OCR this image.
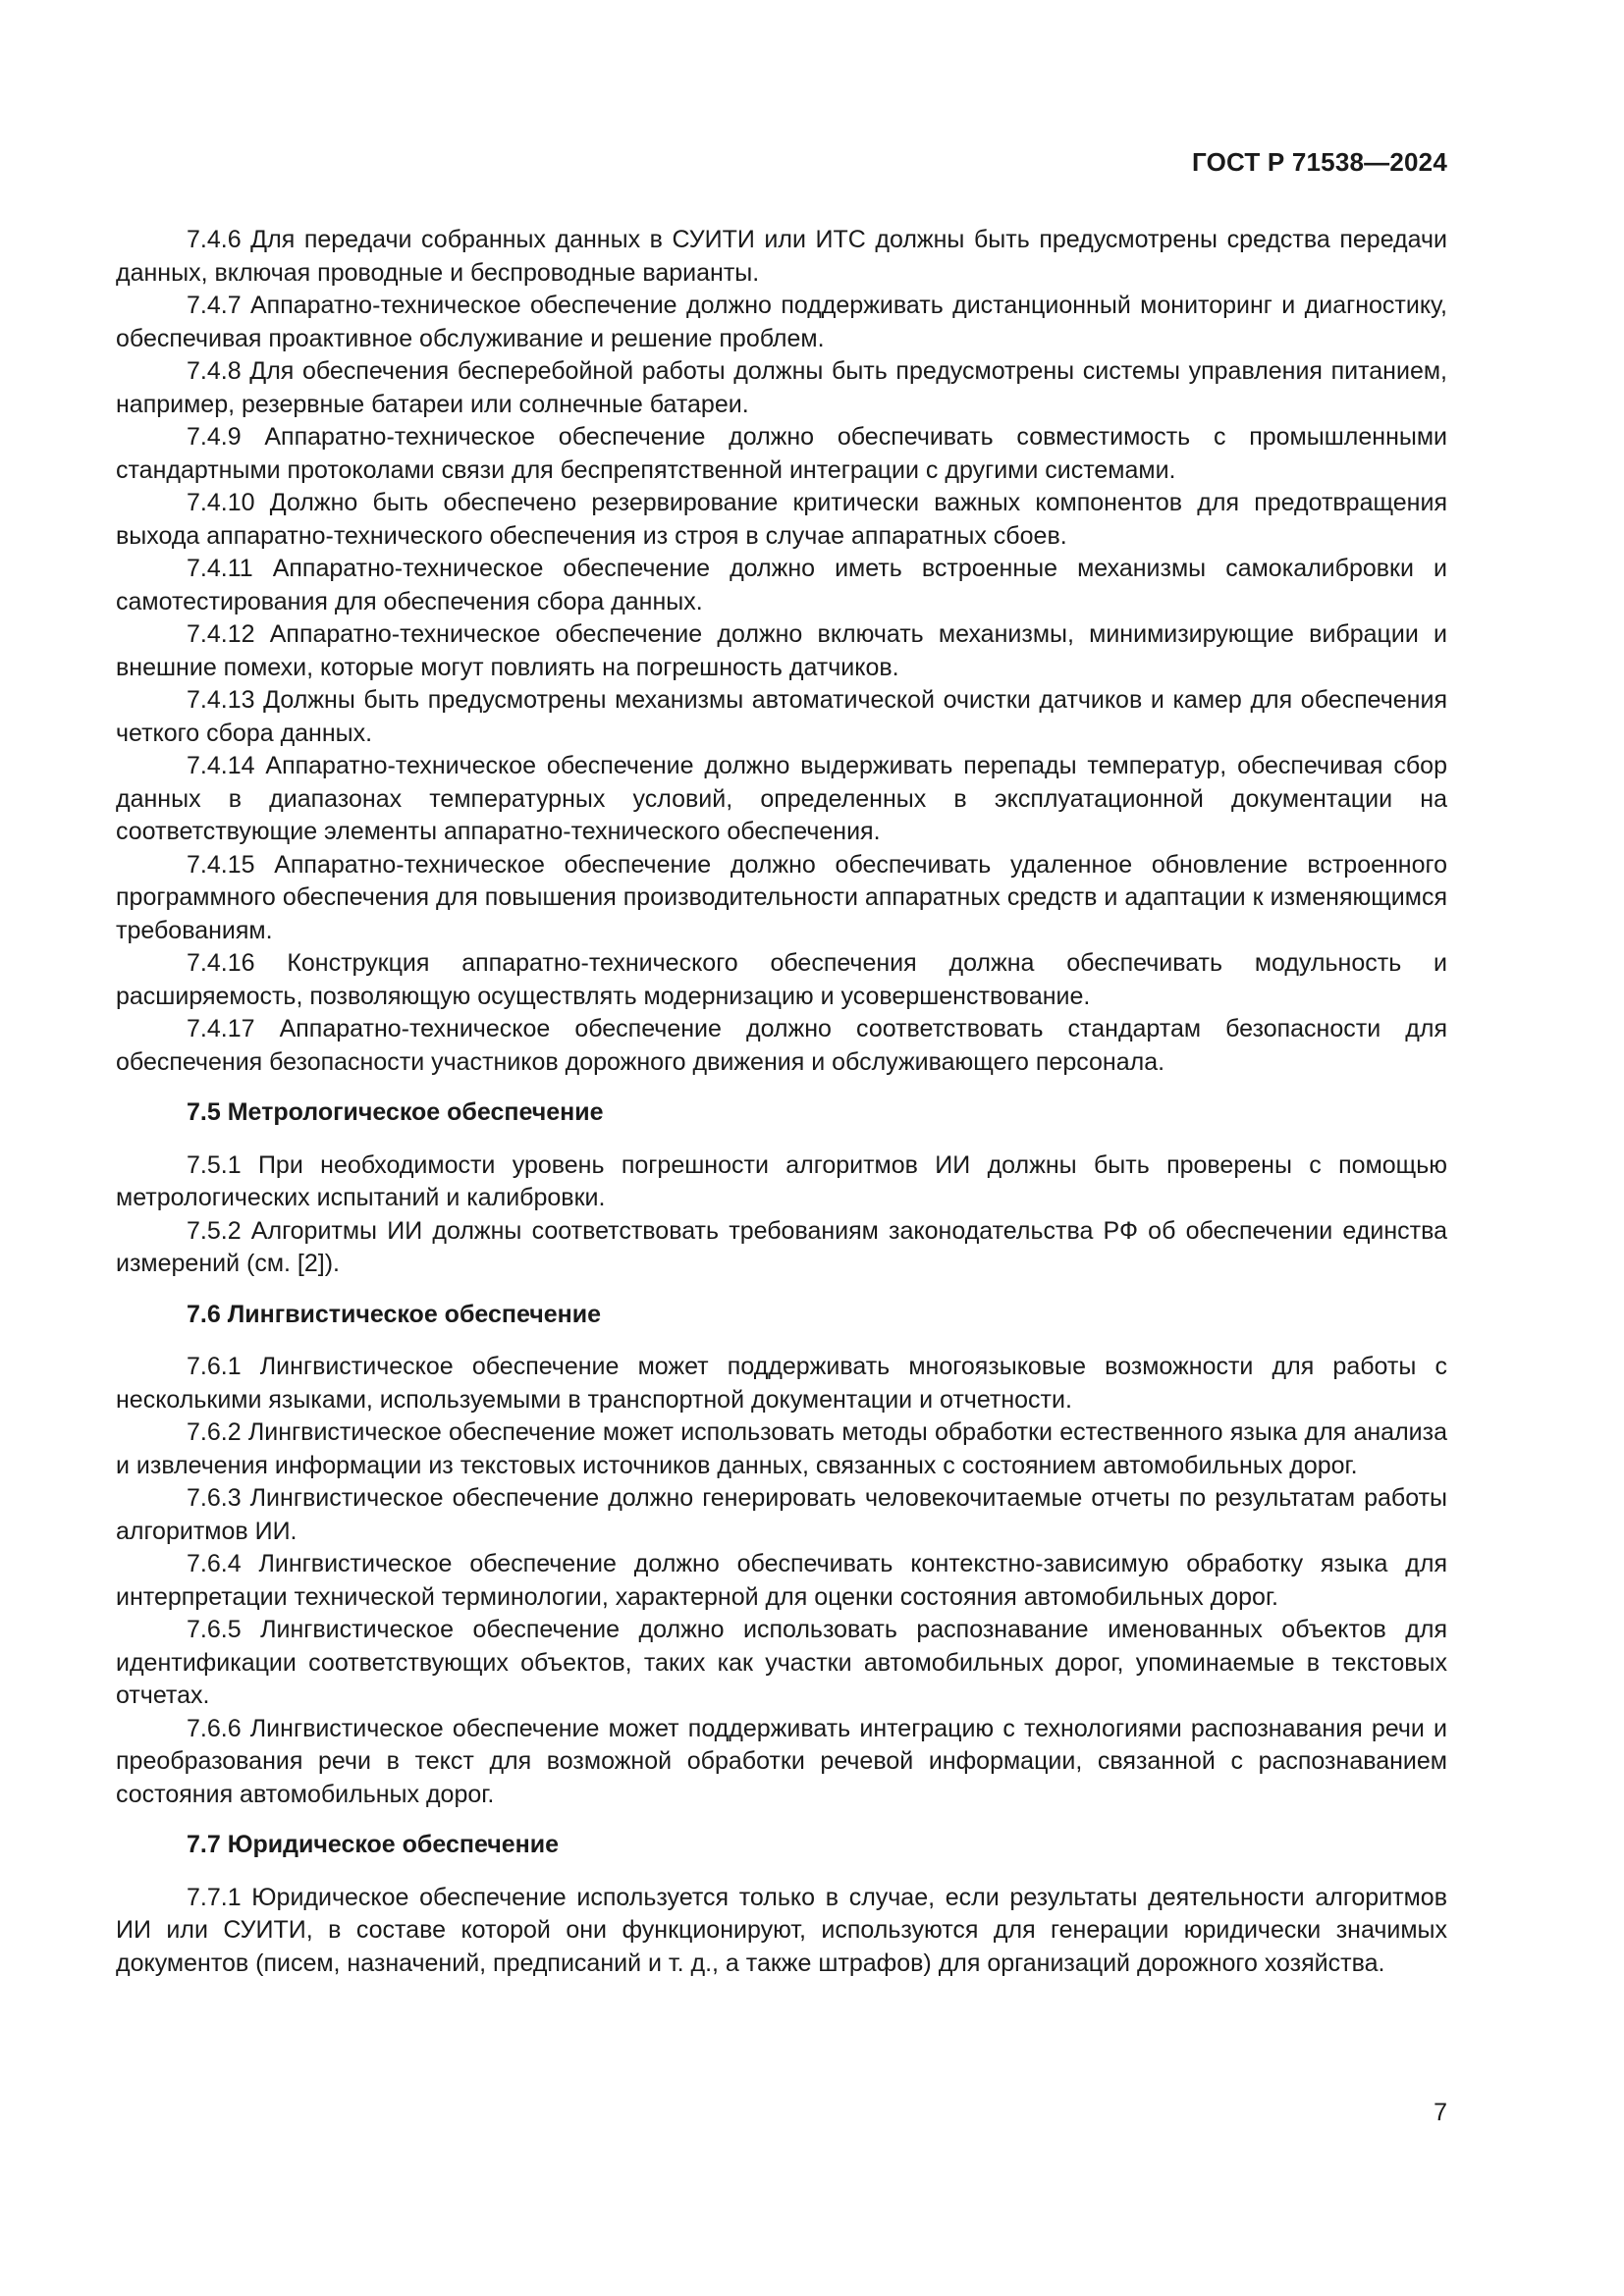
ГОСТ Р 71538—2024

7.4.6 Для передачи собранных данных в СУИТИ или ИТС должны быть предусмотрены средства передачи данных, включая проводные и беспроводные варианты.

7.4.7 Аппаратно-техническое обеспечение должно поддерживать дистанционный мониторинг и диагностику, обеспечивая проактивное обслуживание и решение проблем.

7.4.8 Для обеспечения бесперебойной работы должны быть предусмотрены системы управления питанием, например, резервные батареи или солнечные батареи.

7.4.9 Аппаратно-техническое обеспечение должно обеспечивать совместимость с промышленными стандартными протоколами связи для беспрепятственной интеграции с другими системами.

7.4.10 Должно быть обеспечено резервирование критически важных компонентов для предотвращения выхода аппаратно-технического обеспечения из строя в случае аппаратных сбоев.

7.4.11 Аппаратно-техническое обеспечение должно иметь встроенные механизмы самокалибровки и самотестирования для обеспечения сбора данных.

7.4.12 Аппаратно-техническое обеспечение должно включать механизмы, минимизирующие вибрации и внешние помехи, которые могут повлиять на погрешность датчиков.

7.4.13 Должны быть предусмотрены механизмы автоматической очистки датчиков и камер для обеспечения четкого сбора данных.

7.4.14 Аппаратно-техническое обеспечение должно выдерживать перепады температур, обеспечивая сбор данных в диапазонах температурных условий, определенных в эксплуатационной документации на соответствующие элементы аппаратно-технического обеспечения.

7.4.15 Аппаратно-техническое обеспечение должно обеспечивать удаленное обновление встроенного программного обеспечения для повышения производительности аппаратных средств и адаптации к изменяющимся требованиям.

7.4.16 Конструкция аппаратно-технического обеспечения должна обеспечивать модульность и расширяемость, позволяющую осуществлять модернизацию и усовершенствование.

7.4.17 Аппаратно-техническое обеспечение должно соответствовать стандартам безопасности для обеспечения безопасности участников дорожного движения и обслуживающего персонала.

7.5 Метрологическое обеспечение

7.5.1 При необходимости уровень погрешности алгоритмов ИИ должны быть проверены с помощью метрологических испытаний и калибровки.

7.5.2 Алгоритмы ИИ должны соответствовать требованиям законодательства РФ об обеспечении единства измерений (см. [2]).

7.6 Лингвистическое обеспечение

7.6.1 Лингвистическое обеспечение может поддерживать многоязыковые возможности для работы с несколькими языками, используемыми в транспортной документации и отчетности.

7.6.2 Лингвистическое обеспечение может использовать методы обработки естественного языка для анализа и извлечения информации из текстовых источников данных, связанных с состоянием автомобильных дорог.

7.6.3 Лингвистическое обеспечение должно генерировать человекочитаемые отчеты по результатам работы алгоритмов ИИ.

7.6.4 Лингвистическое обеспечение должно обеспечивать контекстно-зависимую обработку языка для интерпретации технической терминологии, характерной для оценки состояния автомобильных дорог.

7.6.5 Лингвистическое обеспечение должно использовать распознавание именованных объектов для идентификации соответствующих объектов, таких как участки автомобильных дорог, упоминаемые в текстовых отчетах.

7.6.6 Лингвистическое обеспечение может поддерживать интеграцию с технологиями распознавания речи и преобразования речи в текст для возможной обработки речевой информации, связанной с распознаванием состояния автомобильных дорог.

7.7 Юридическое обеспечение

7.7.1 Юридическое обеспечение используется только в случае, если результаты деятельности алгоритмов ИИ или СУИТИ, в составе которой они функционируют, используются для генерации юридически значимых документов (писем, назначений, предписаний и т. д., а также штрафов) для организаций дорожного хозяйства.

7
